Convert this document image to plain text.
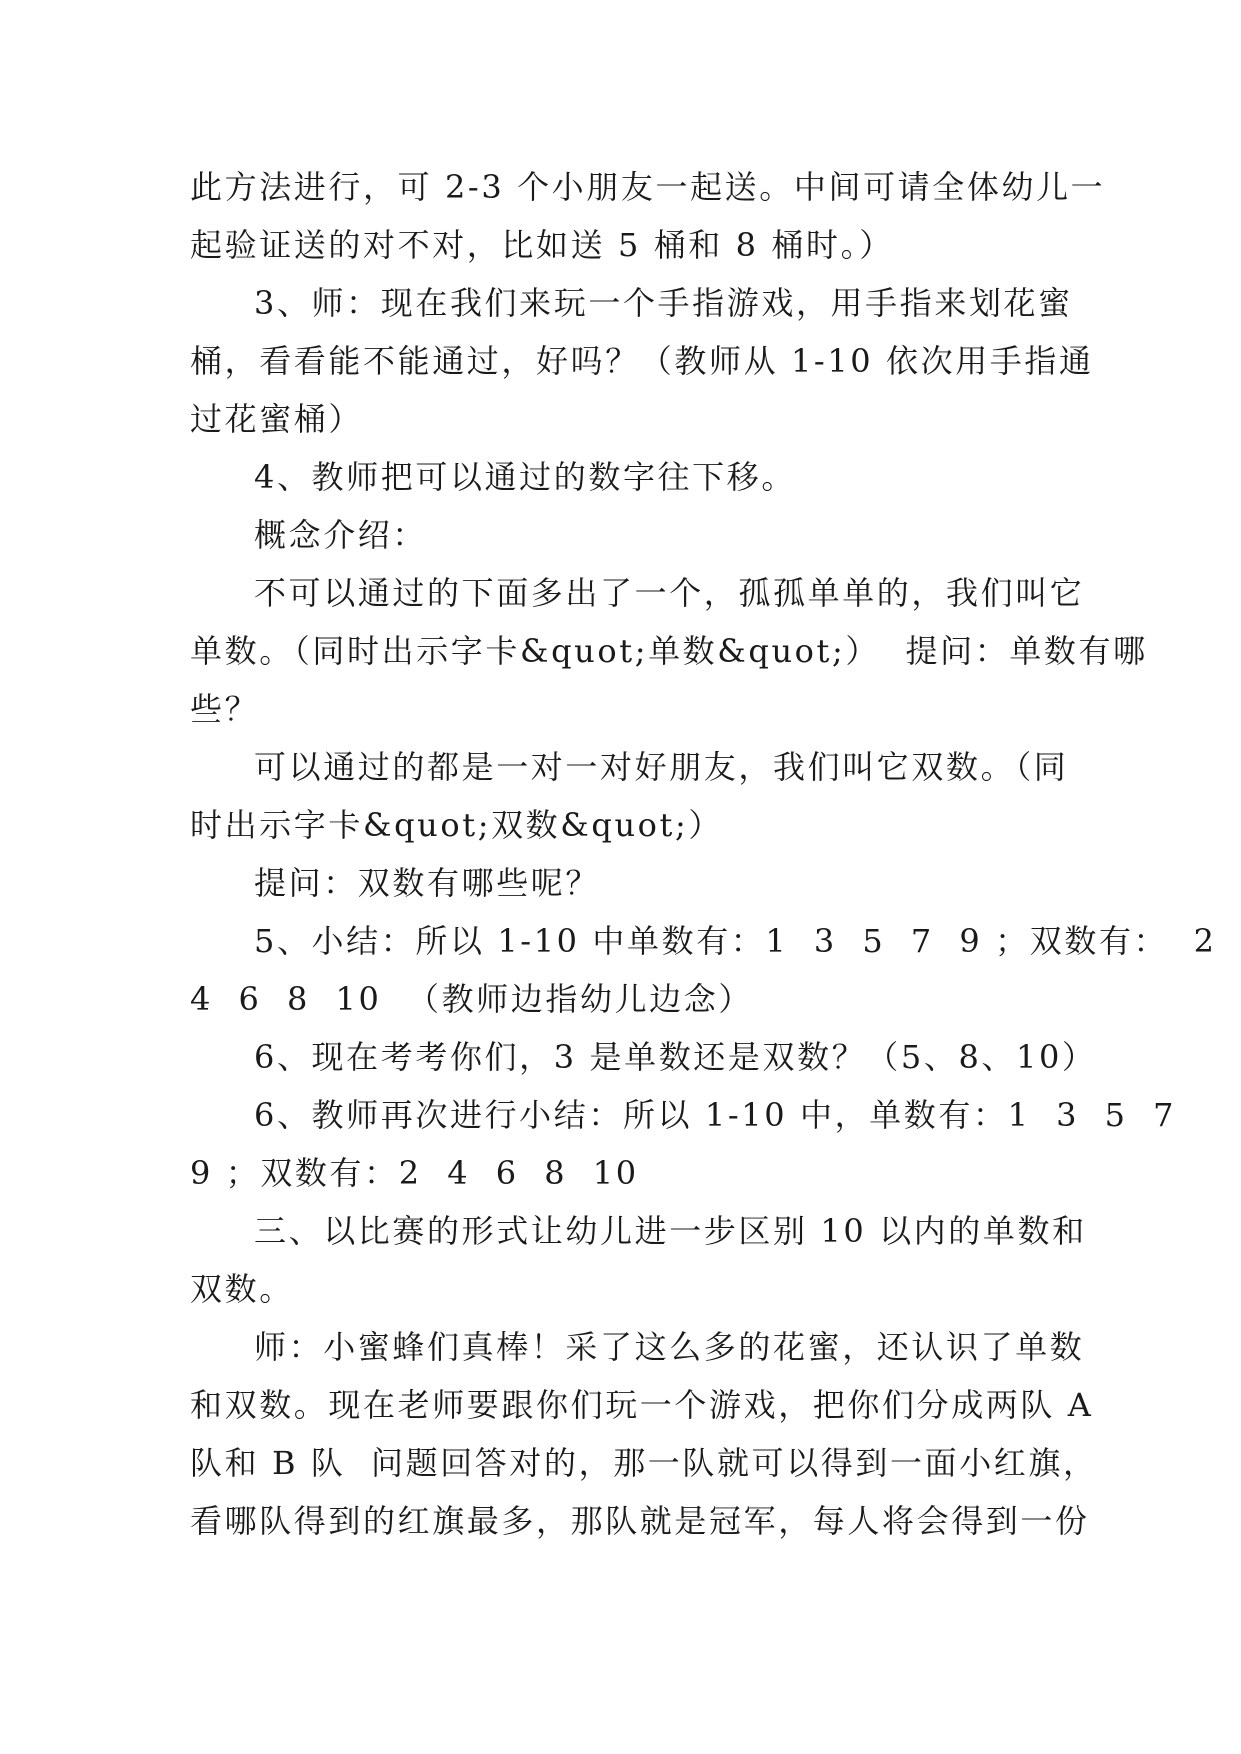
此方法进行，可 2-3 个小朋友一起送。中间可请全体幼儿一
起验证送的对不对，比如送 5 桶和 8 桶时。）
3、师：现在我们来玩一个手指游戏，用手指来划花蜜
桶，看看能不能通过，好吗？（教师从 1-10 依次用手指通
过花蜜桶）
4、教师把可以通过的数字往下移。
概念介绍：
不可以通过的下面多出了一个，孤孤单单的，我们叫它
单数。（同时出示字卡&quot;单数&quot;）  提问：单数有哪
些？
可以通过的都是一对一对好朋友，我们叫它双数。（同
时出示字卡&quot;双数&quot;）
提问：双数有哪些呢？
5、小结：所以 1-10 中单数有：1  3  5  7  9 ；双数有：  2
4  6  8  10  （教师边指幼儿边念）
6、现在考考你们，3 是单数还是双数？（5、8、10）
6、教师再次进行小结：所以 1-10 中，单数有：1  3  5  7
9 ；双数有：2  4  6  8  10
三、以比赛的形式让幼儿进一步区别 10 以内的单数和
双数。
师：小蜜蜂们真棒！采了这么多的花蜜，还认识了单数
和双数。现在老师要跟你们玩一个游戏，把你们分成两队 A
队和 B 队  问题回答对的，那一队就可以得到一面小红旗，
看哪队得到的红旗最多，那队就是冠军，每人将会得到一份
